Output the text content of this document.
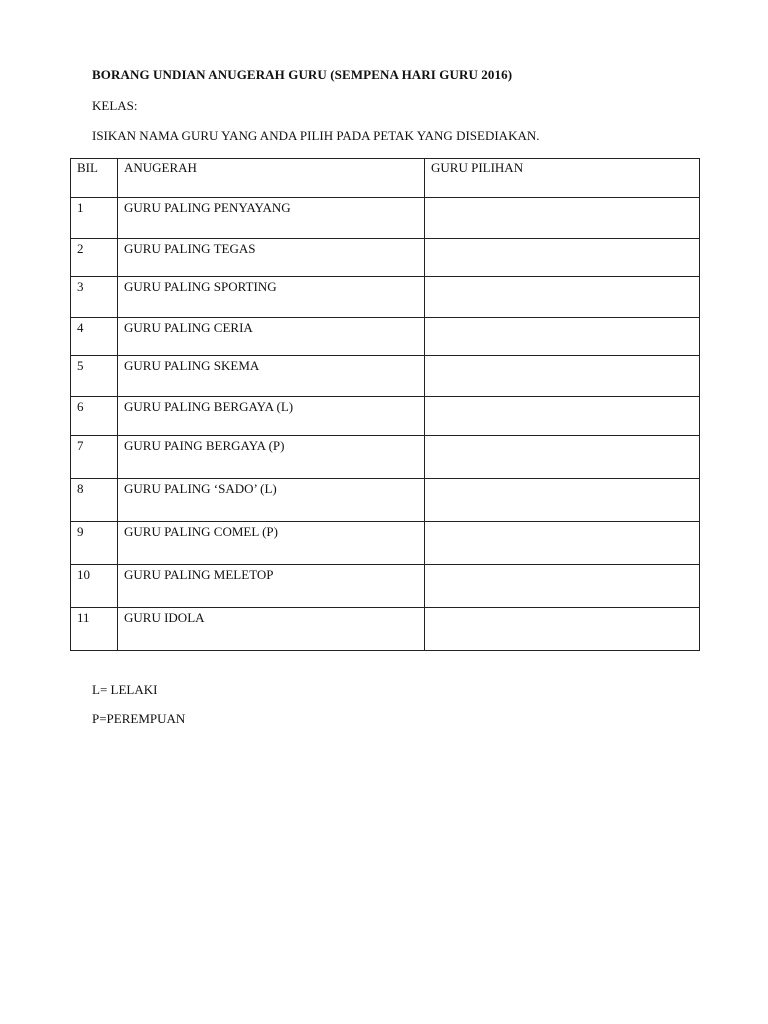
BORANG UNDIAN ANUGERAH GURU (SEMPENA HARI GURU 2016)
KELAS:
ISIKAN NAMA GURU YANG ANDA PILIH PADA PETAK YANG DISEDIAKAN.
BIL	ANUGERAH	GURU PILIHAN
1	GURU PALING PENYAYANG	
2	GURU PALING TEGAS	
3	GURU PALING SPORTING	
4	GURU PALING CERIA	
5	GURU PALING SKEMA	
6	GURU PALING BERGAYA (L)	
7	GURU PAING BERGAYA (P)	
8	GURU PALING ‘SADO’ (L)	
9	GURU PALING COMEL (P)	
10	GURU PALING MELETOP	
11	GURU IDOLA	
L= LELAKI
P=PEREMPUAN
